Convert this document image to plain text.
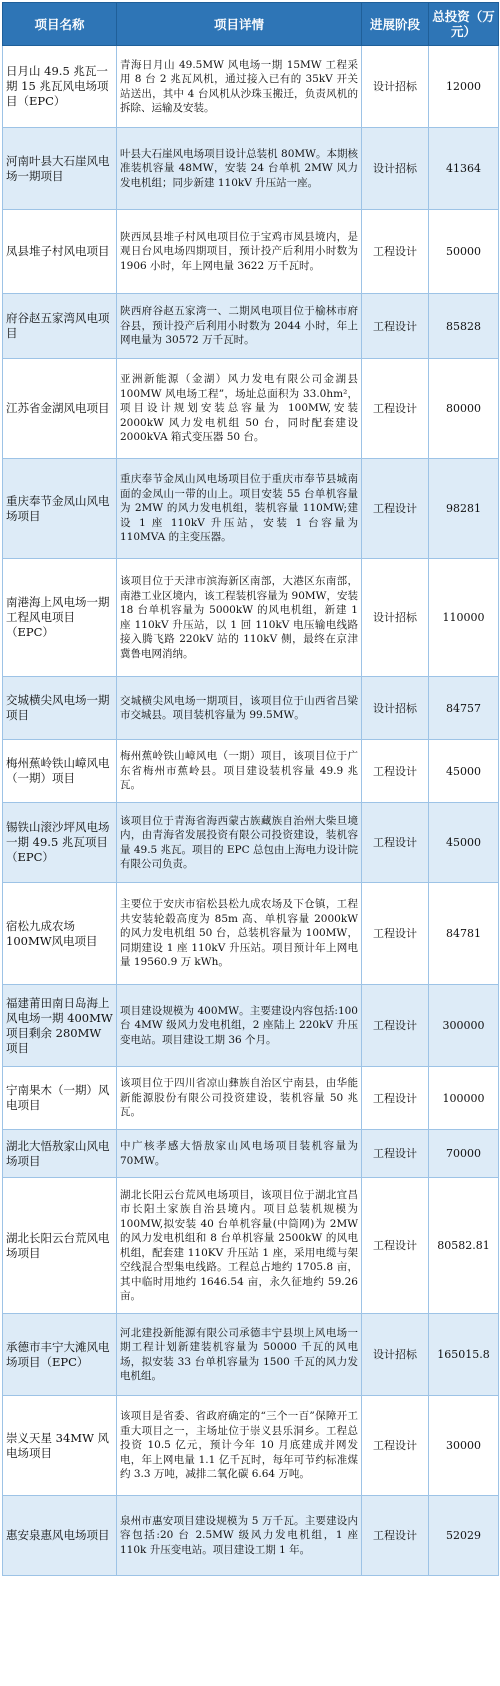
项目名称	项目详情	进展阶段	总投资（万元）
日月山 49.5 兆瓦一期 15 兆瓦风电场项目（EPC）	青海日月山 49.5MW 风电场一期 15MW 工程采用 8 台 2 兆瓦风机，通过接入已有的 35kV 开关站送出，其中 4 台风机从沙珠玉搬迁，负责风机的拆除、运输及安装。	设计招标	12000
河南叶县大石崖风电场一期项目	叶县大石崖风电场项目设计总装机 80MW。本期核准装机容量 48MW，安装 24 台单机 2MW 风力发电机组；同步新建 110kV 升压站一座。	设计招标	41364
凤县堆子村风电项目	陕西凤县堆子村风电项目位于宝鸡市凤县境内，是观日台风电场四期项目，预计投产后利用小时数为 1906 小时，年上网电量 3622 万千瓦时。	工程设计	50000
府谷赵五家湾风电项目	陕西府谷赵五家湾一、二期风电项目位于榆林市府谷县，预计投产后利用小时数为 2044 小时，年上网电量为 30572 万千瓦时。	工程设计	85828
江苏省金湖风电项目	亚洲新能源（金湖）风力发电有限公司金湖县 100MW 风电场工程”，场址总面积为 33.0hm²，项目设计规划安装总容量为 100MW,安装 2000kW 风力发电机组 50 台，同时配套建设 2000kVA 箱式变压器 50 台。	工程设计	80000
重庆奉节金凤山风电场项目	重庆奉节金凤山风电场项目位于重庆市奉节县城南面的金凤山一带的山上。项目安装 55 台单机容量为 2MW 的风力发电机组，装机容量 110MW;建设 1 座 110kV 升压站，安装 1 台容量为 110MVA 的主变压器。	工程设计	98281
南港海上风电场一期工程风电项目（EPC）	该项目位于天津市滨海新区南部，大港区东南部，南港工业区境内，该工程装机容量为 90MW，安装 18 台单机容量为 5000kW 的风电机组，新建 1 座 110kV 升压站，以 1 回 110kV 电压输电线路接入腾飞路 220kV 站的 110kV 侧，最终在京津冀鲁电网消纳。	设计招标	110000
交城横尖风电场一期项目	交城横尖风电场一期项目，该项目位于山西省吕梁市交城县。项目装机容量为 99.5MW。	设计招标	84757
梅州蕉岭铁山嶂风电（一期）项目	梅州蕉岭铁山嶂风电（一期）项目，该项目位于广东省梅州市蕉岭县。项目建设装机容量 49.9 兆瓦。	工程设计	45000
锡铁山滚沙坪风电场一期 49.5 兆瓦项目（EPC）	该项目位于青海省海西蒙古族藏族自治州大柴旦境内，由青海省发展投资有限公司投资建设，装机容量 49.5 兆瓦。项目的 EPC 总包由上海电力设计院有限公司负责。	工程设计	45000
宿松九成农场 100MW风电项目	主要位于安庆市宿松县松九成农场及下仓镇，工程共安装轮毂高度为 85m 高、单机容量 2000kW 的风力发电机组 50 台，总装机容量为 100MW，同期建设 1 座 110kV 升压站。项目预计年上网电量 19560.9 万 kWh。	工程设计	84781
福建莆田南日岛海上风电场一期 400MW项目剩余 280MW 项目	项目建设规模为 400MW。主要建设内容包括:100 台 4MW 级风力发电机组，2 座陆上 220kV 升压变电站。项目建设工期 36 个月。	工程设计	300000
宁南果木（一期）风电项目	该项目位于四川省凉山彝族自治区宁南县，由华能新能源股份有限公司投资建设，装机容量 50 兆瓦。	工程设计	100000
湖北大悟敖家山风电场项目	中广核孝感大悟敖家山风电场项目装机容量为 70MW。	工程设计	70000
湖北长阳云台荒风电场项目	湖北长阳云台荒风电场项目，该项目位于湖北宜昌市长阳土家族自治县境内。项目总装机规模为 100MW,拟安装 40 台单机容量(中筒网)为 2MW 的风力发电机组和 8 台单机容量 2500kW 的风电机组，配套建 110KV 升压站 1 座，采用电缆与架空线混合型集电线路。工程总占地约 1705.8 亩，其中临时用地约 1646.54 亩，永久征地约 59.26 亩。	工程设计	80582.81
承德市丰宁大滩风电场项目（EPC）	河北建投新能源有限公司承德丰宁县坝上风电场一期工程计划新建装机容量为 50000 千瓦的风电场，拟安装 33 台单机容量为 1500 千瓦的风力发电机组。	设计招标	165015.8
崇义天星 34MW 风电场项目	该项目是省委、省政府确定的“三个一百”保障开工重大项目之一，主场址位于崇义县乐洞乡。工程总投资 10.5 亿元，预计今年 10 月底建成并网发电，年上网电量 1.1 亿千瓦时，每年可节约标准煤约 3.3 万吨，减排二氧化碳 6.64 万吨。	工程设计	30000
惠安泉惠风电场项目	泉州市惠安项目建设规模为 5 万千瓦。主要建设内容包括:20 台 2.5MW 级风力发电机组，1 座 110k 升压变电站。项目建设工期 1 年。	工程设计	52029
